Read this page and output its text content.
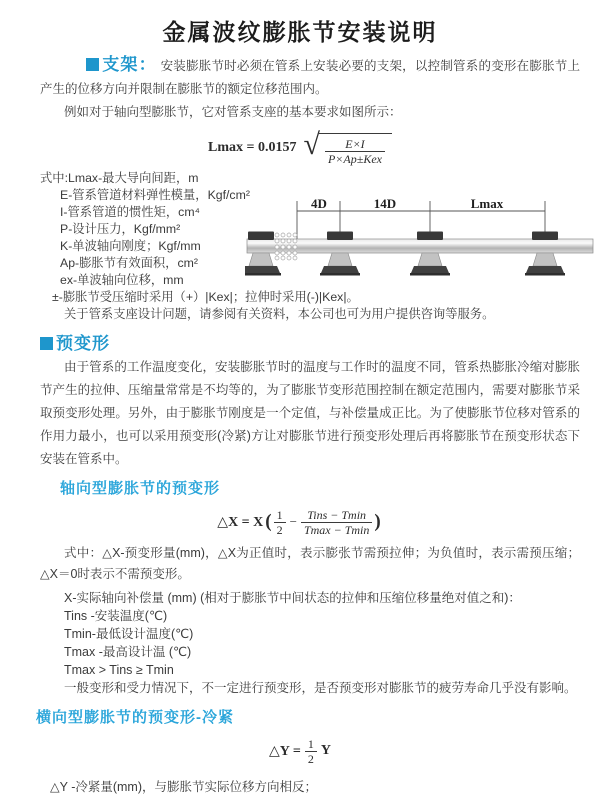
金属波纹膨胀节安装说明

支架： 安装膨胀节时必须在管系上安装必要的支架，以控制管系的变形在膨胀节上产生的位移方向并限制在膨胀节的额定位移范围内。

例如对于轴向型膨胀节，它对管系支座的基本要求如图所示：

Lmax = 0.0157 √ $\frac{E\times I}{\text{P×Ap±Kex}}$
式中:Lmax-最大导向间距，m
E-管系管道材料弹性模量，Kgf/cm²
I-管系管道的惯性矩，cm⁴
P-设计压力，Kgf/mm²
K-单波轴向刚度；Kgf/mm
Ap-膨胀节有效面积，cm²
ex-单波轴向位移，mm
±-膨胀节受压缩时采用（+）|Kex|；拉伸时采用(-)|Kex|。
关于管系支座设计问题，请参阅有关资料，本公司也可为用户提供咨询等服务。
4D	14D	Lmax
预变形

由于管系的工作温度变化，安装膨胀节时的温度与工作时的温度不同，管系热膨胀冷缩对膨胀节产生的拉伸、压缩量常常是不均等的，为了膨胀节变形范围控制在额定范围内，需要对膨胀节采取预变形处理。另外，由于膨胀节刚度是一个定值，与补偿量成正比。为了使膨胀节位移对管系的作用力最小，也可以采用预变形(冷紧)方让对膨胀节进行预变形处理后再将膨胀节在预变形状态下安装在管系中。

轴向型膨胀节的预变形
△X = X ( $\frac{1}{2} - \frac{\text{Tins − Tmin}}{Tmax - Tmin}$ )

式中：△X-预变形量(mm)，△X为正值时，表示膨张节需预拉伸；为负值时，表示需预压缩；△X＝0时表示不需预变形。

X-实际轴向补偿量 (mm) (相对于膨胀节中间状态的拉伸和压缩位移量绝对值之和)：
Tins -安装温度(℃)
Tmin-最低设计温度(℃)
Tmax -最高设计温 (℃)
Tmax > Tins ≥ Tmin
一般变形和受力情况下，不一定进行预变形，是否预变形对膨胀节的疲劳寿命几乎没有影响。
横向型膨胀节的预变形-冷紧
△Y = $\frac{1}{2}$ Y
△Y -冷紧量(mm)，与膨胀节实际位移方向相反；
